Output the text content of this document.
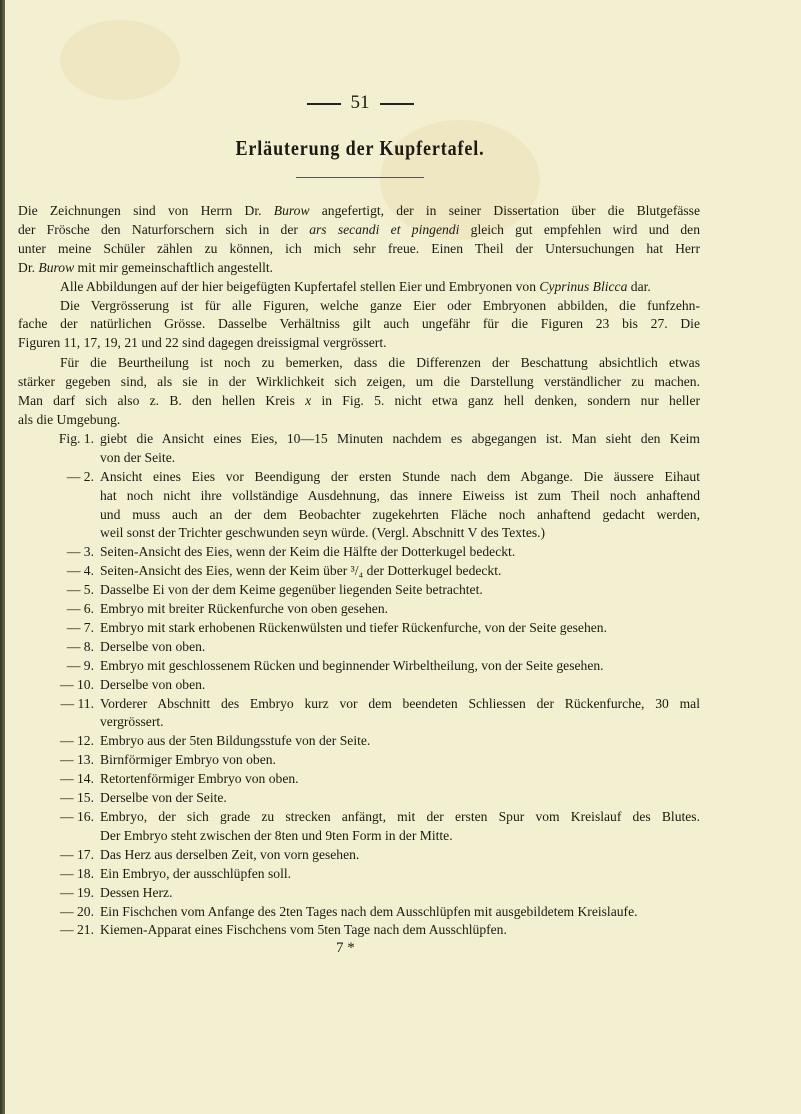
51
Erläuterung der Kupfertafel.
Die Zeichnungen sind von Herrn Dr. Burow angefertigt, der in seiner Dissertation über die Blutgefässe
der Frösche den Naturforschern sich in der ars secandi et pingendi gleich gut empfehlen wird und den
unter meine Schüler zählen zu können, ich mich sehr freue. Einen Theil der Untersuchungen hat Herr
Dr. Burow mit mir gemeinschaftlich angestellt.
Alle Abbildungen auf der hier beigefügten Kupfertafel stellen Eier und Embryonen von Cyprinus Blicca dar.
Die Vergrösserung ist für alle Figuren, welche ganze Eier oder Embryonen abbilden, die funfzehn-
fache der natürlichen Grösse. Dasselbe Verhältniss gilt auch ungefähr für die Figuren 23 bis 27. Die
Figuren 11, 17, 19, 21 und 22 sind dagegen dreissigmal vergrössert.
Für die Beurtheilung ist noch zu bemerken, dass die Differenzen der Beschattung absichtlich etwas
stärker gegeben sind, als sie in der Wirklichkeit sich zeigen, um die Darstellung verständlicher zu machen.
Man darf sich also z. B. den hellen Kreis x in Fig. 5. nicht etwa ganz hell denken, sondern nur heller
als die Umgebung.
Fig. 1. giebt die Ansicht eines Eies, 10—15 Minuten nachdem es abgegangen ist. Man sieht den Keim
von der Seite.
— 2. Ansicht eines Eies vor Beendigung der ersten Stunde nach dem Abgange. Die äussere Eihaut
hat noch nicht ihre vollständige Ausdehnung, das innere Eiweiss ist zum Theil noch anhaftend
und muss auch an der dem Beobachter zugekehrten Fläche noch anhaftend gedacht werden,
weil sonst der Trichter geschwunden seyn würde. (Vergl. Abschnitt V des Textes.)
— 3. Seiten-Ansicht des Eies, wenn der Keim die Hälfte der Dotterkugel bedeckt.
— 4. Seiten-Ansicht des Eies, wenn der Keim über ³/₄ der Dotterkugel bedeckt.
— 5. Dasselbe Ei von der dem Keime gegenüber liegenden Seite betrachtet.
— 6. Embryo mit breiter Rückenfurche von oben gesehen.
— 7. Embryo mit stark erhobenen Rückenwülsten und tiefer Rückenfurche, von der Seite gesehen.
— 8. Derselbe von oben.
— 9. Embryo mit geschlossenem Rücken und beginnender Wirbeltheilung, von der Seite gesehen.
— 10. Derselbe von oben.
— 11. Vorderer Abschnitt des Embryo kurz vor dem beendeten Schliessen der Rückenfurche, 30 mal
vergrössert.
— 12. Embryo aus der 5ten Bildungsstufe von der Seite.
— 13. Birnförmiger Embryo von oben.
— 14. Retortenförmiger Embryo von oben.
— 15. Derselbe von der Seite.
— 16. Embryo, der sich grade zu strecken anfängt, mit der ersten Spur vom Kreislauf des Blutes.
Der Embryo steht zwischen der 8ten und 9ten Form in der Mitte.
— 17. Das Herz aus derselben Zeit, von vorn gesehen.
— 18. Ein Embryo, der ausschlüpfen soll.
— 19. Dessen Herz.
— 20. Ein Fischchen vom Anfange des 2ten Tages nach dem Ausschlüpfen mit ausgebildetem Kreislaufe.
— 21. Kiemen-Apparat eines Fischchens vom 5ten Tage nach dem Ausschlüpfen.
7 *
